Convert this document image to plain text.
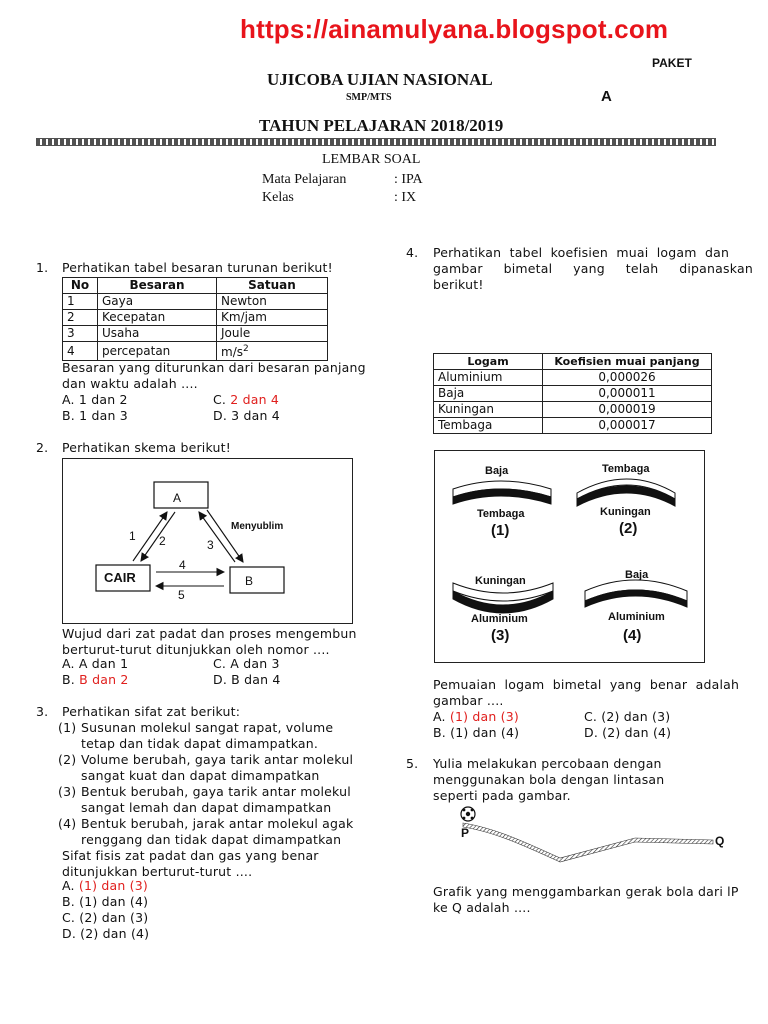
https://ainamulyana.blogspot.com
PAKET
A
UJICOBA UJIAN NASIONAL
SMP/MTS
TAHUN PELAJARAN 2018/2019
LEMBAR SOAL
Mata Pelajaran	: IPA
Kelas	: IX
1. Perhatikan tabel besaran turunan berikut!
No	Besaran	Satuan
1	Gaya	Newton
2	Kecepatan	Km/jam
3	Usaha	Joule
4	percepatan	$m/s^2$
Besaran yang diturunkan dari besaran panjang
dan waktu adalah ....
A. 1 dan 2	C. 2 dan 4
B. 1 dan 3	D. 3 dan 4
2. Perhatikan skema berikut!
A
CAIR	B
1 2	3
Menyublim
4
5
Wujud dari zat padat dan proses mengembun
berturut-turut ditunjukkan oleh nomor ....
A. A dan 1	C. A dan 3
B. B dan 2	D. B dan 4
3. Perhatikan sifat zat berikut:
(1) Susunan molekul sangat rapat, volume
tetap dan tidak dapat dimampatkan.
(2) Volume berubah, gaya tarik antar molekul
sangat kuat dan dapat dimampatkan
(3) Bentuk berubah, gaya tarik antar molekul
sangat lemah dan dapat dimampatkan
(4) Bentuk berubah, jarak antar molekul agak
renggang dan tidak dapat dimampatkan
Sifat fisis zat padat dan gas yang benar
ditunjukkan berturut-turut ....
A. (1) dan (3)
B. (1) dan (4)
C. (2) dan (3)
D. (2) dan (4)
4. Perhatikan  tabel  koefisien  muai  logam  dan
gambar     bimetal     yang     telah     dipanaskan
berikut!
Logam	Koefisien muai panjang
Aluminium	0,000026
Baja	0,000011
Kuningan	0,000019
Tembaga	0,000017
Baja
Tembaga
(1)
Tembaga
Kuningan
(2)
Kuningan
Aluminium
(3)
Baja
Aluminium
(4)
Pemuaian  logam  bimetal  yang  benar  adalah
gambar ....
A. (1) dan (3)	C. (2) dan (3)
B. (1) dan (4)	D. (2) dan (4)
5. Yulia melakukan percobaan dengan
menggunakan bola dengan lintasan
seperti pada gambar.
P
Q
Grafik yang menggambarkan gerak bola dari lP
ke Q adalah ....
